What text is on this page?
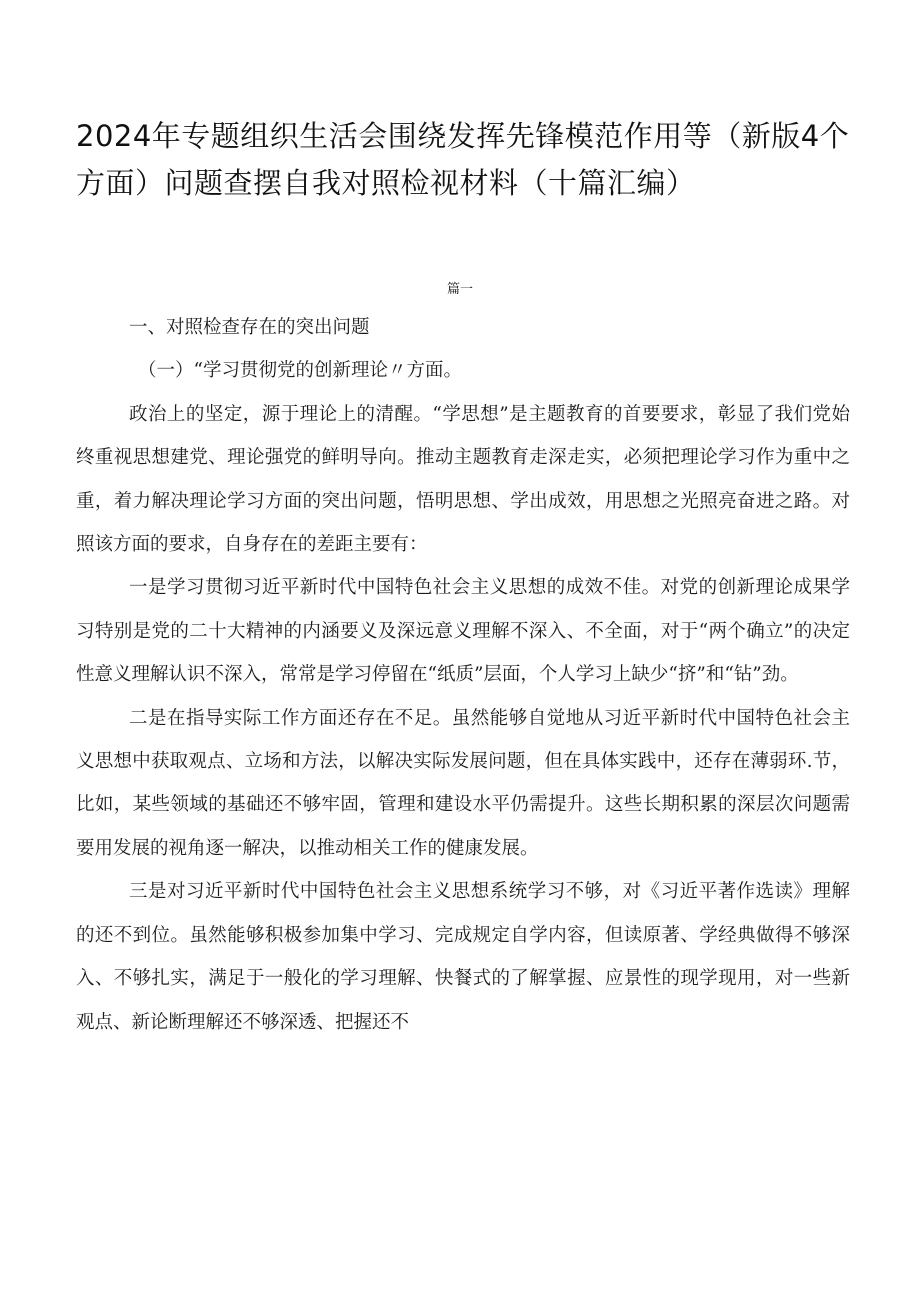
2024年专题组织生活会围绕发挥先锋模范作用等（新版4个方面）问题查摆自我对照检视材料（十篇汇编）
篇一

一、对照检查存在的突出问题

（一）“学习贯彻党的创新理论〃方面。

政治上的坚定，源于理论上的清醒。“学思想”是主题教育的首要要求，彰显了我们党始终重视思想建党、理论强党的鲜明导向。推动主题教育走深走实，必须把理论学习作为重中之重，着力解决理论学习方面的突出问题，悟明思想、学出成效，用思想之光照亮奋进之路。对照该方面的要求，自身存在的差距主要有：

一是学习贯彻习近平新时代中国特色社会主义思想的成效不佳。对党的创新理论成果学习特别是党的二十大精神的内涵要义及深远意义理解不深入、不全面，对于“两个确立”的决定性意义理解认识不深入，常常是学习停留在“纸质”层面，个人学习上缺少“挤”和“钻”劲。

二是在指导实际工作方面还存在不足。虽然能够自觉地从习近平新时代中国特色社会主义思想中获取观点、立场和方法，以解决实际发展问题，但在具体实践中，还存在薄弱环.节，比如，某些领域的基础还不够牢固，管理和建设水平仍需提升。这些长期积累的深层次问题需要用发展的视角逐一解决，以推动相关工作的健康发展。

三是对习近平新时代中国特色社会主义思想系统学习不够，对《习近平著作选读》理解的还不到位。虽然能够积极参加集中学习、完成规定自学内容，但读原著、学经典做得不够深入、不够扎实，满足于一般化的学习理解、快餐式的了解掌握、应景性的现学现用，对一些新观点、新论断理解还不够深透、把握还不
